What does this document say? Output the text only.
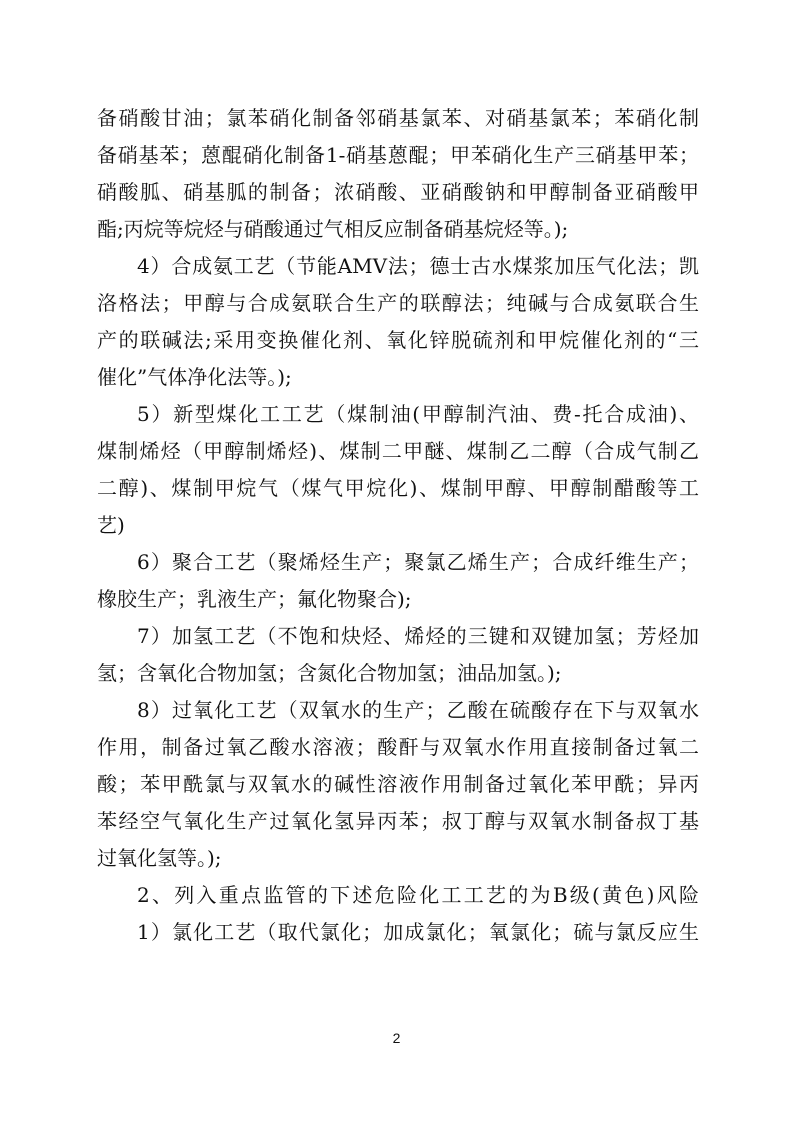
备硝酸甘油；氯苯硝化制备邻硝基氯苯、对硝基氯苯；苯硝化制
备硝基苯；蒽醌硝化制备1-硝基蒽醌；甲苯硝化生产三硝基甲苯；
硝酸胍、硝基胍的制备；浓硝酸、亚硝酸钠和甲醇制备亚硝酸甲
酯;丙烷等烷烃与硝酸通过气相反应制备硝基烷烃等。);
4）合成氨工艺（节能AMV法；德士古水煤浆加压气化法；凯
洛格法；甲醇与合成氨联合生产的联醇法；纯碱与合成氨联合生
产的联碱法;采用变换催化剂、氧化锌脱硫剂和甲烷催化剂的“三
催化”气体净化法等。);
5）新型煤化工工艺（煤制油(甲醇制汽油、费-托合成油)、
煤制烯烃（甲醇制烯烃)、煤制二甲醚、煤制乙二醇（合成气制乙
二醇)、煤制甲烷气（煤气甲烷化)、煤制甲醇、甲醇制醋酸等工
艺)
6）聚合工艺（聚烯烃生产；聚氯乙烯生产；合成纤维生产；
橡胶生产；乳液生产；氟化物聚合);
7）加氢工艺（不饱和炔烃、烯烃的三键和双键加氢；芳烃加
氢；含氧化合物加氢；含氮化合物加氢；油品加氢。);
8）过氧化工艺（双氧水的生产；乙酸在硫酸存在下与双氧水
作用，制备过氧乙酸水溶液；酸酐与双氧水作用直接制备过氧二
酸；苯甲酰氯与双氧水的碱性溶液作用制备过氧化苯甲酰；异丙
苯经空气氧化生产过氧化氢异丙苯；叔丁醇与双氧水制备叔丁基
过氧化氢等。);
2、列入重点监管的下述危险化工工艺的为B级(黄色)风险
1）氯化工艺（取代氯化；加成氯化；氧氯化；硫与氯反应生
2
